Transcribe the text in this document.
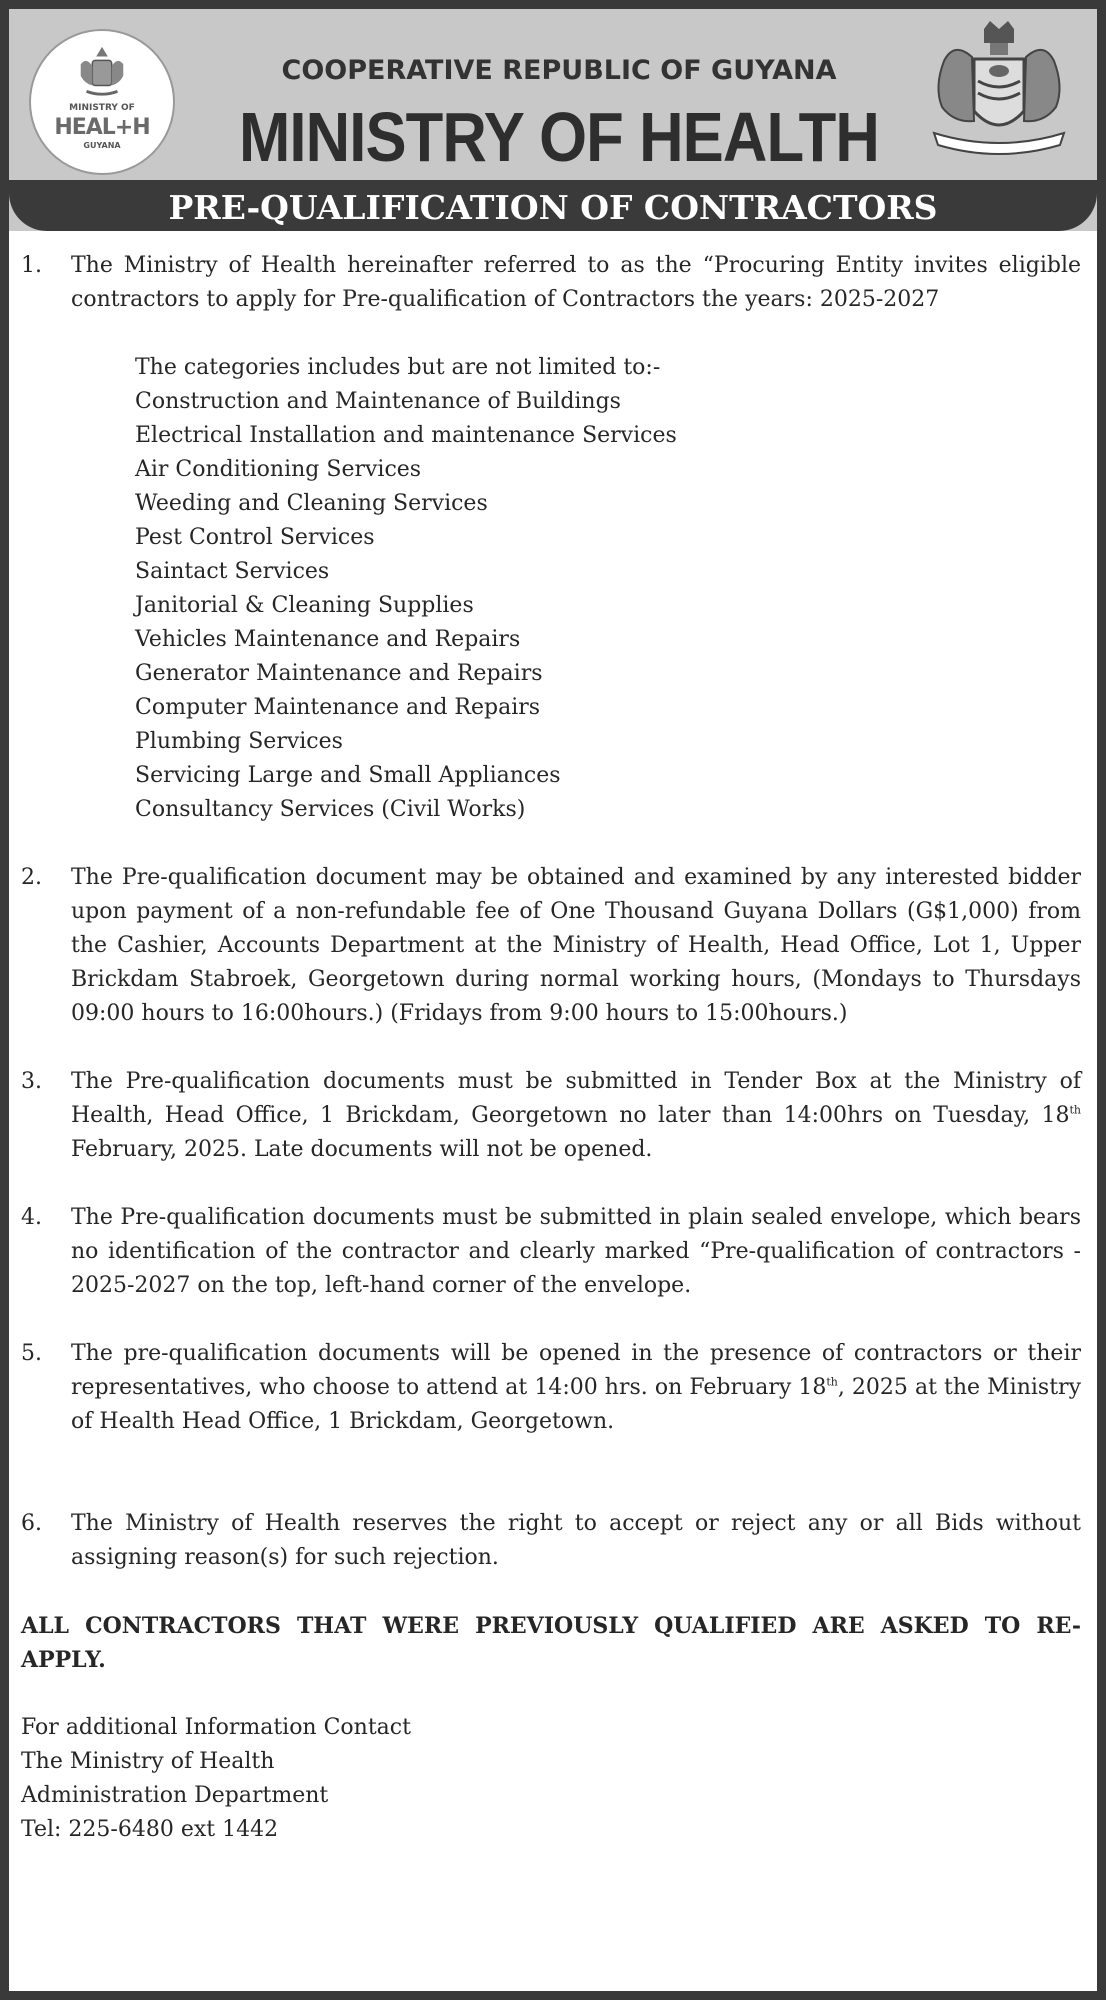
MINISTRY OF
HEAL+H
GUYANA
COOPERATIVE REPUBLIC OF GUYANA
MINISTRY OF HEALTH
PRE-QUALIFICATION OF CONTRACTORS
1.	The Ministry of Health hereinafter referred to as the “Procuring Entity invites eligible contractors to apply for Pre-qualification of Contractors the years: 2025-2027
The categories includes but are not limited to:-
Construction and Maintenance of Buildings
Electrical Installation and maintenance Services
Air Conditioning Services
Weeding and Cleaning Services
Pest Control Services
Saintact Services
Janitorial & Cleaning Supplies
Vehicles Maintenance and Repairs
Generator Maintenance and Repairs
Computer Maintenance and Repairs
Plumbing Services
Servicing Large and Small Appliances
Consultancy Services (Civil Works)
2.	The Pre-qualification document may be obtained and examined by any interested bidder upon payment of a non-refundable fee of One Thousand Guyana Dollars (G$1,000) from the Cashier, Accounts Department at the Ministry of Health, Head Office, Lot 1, Upper Brickdam Stabroek, Georgetown during normal working hours, (Mondays to Thursdays 09:00 hours to 16:00hours.) (Fridays from 9:00 hours to 15:00hours.)
3.	The Pre-qualification documents must be submitted in Tender Box at the Ministry of Health, Head Office, 1 Brickdam, Georgetown no later than 14:00hrs on Tuesday, 18th February, 2025. Late documents will not be opened.
4.	The Pre-qualification documents must be submitted in plain sealed envelope, which bears no identification of the contractor and clearly marked “Pre-qualification of contractors - 2025-2027 on the top, left-hand corner of the envelope.
5.	The pre-qualification documents will be opened in the presence of contractors or their representatives, who choose to attend at 14:00 hrs. on February 18th, 2025 at the Ministry of Health Head Office, 1 Brickdam, Georgetown.
6.	The Ministry of Health reserves the right to accept or reject any or all Bids without assigning reason(s) for such rejection.
ALL CONTRACTORS THAT WERE PREVIOUSLY QUALIFIED ARE ASKED TO RE-APPLY.
For additional Information Contact
The Ministry of Health
Administration Department
Tel: 225-6480 ext 1442
